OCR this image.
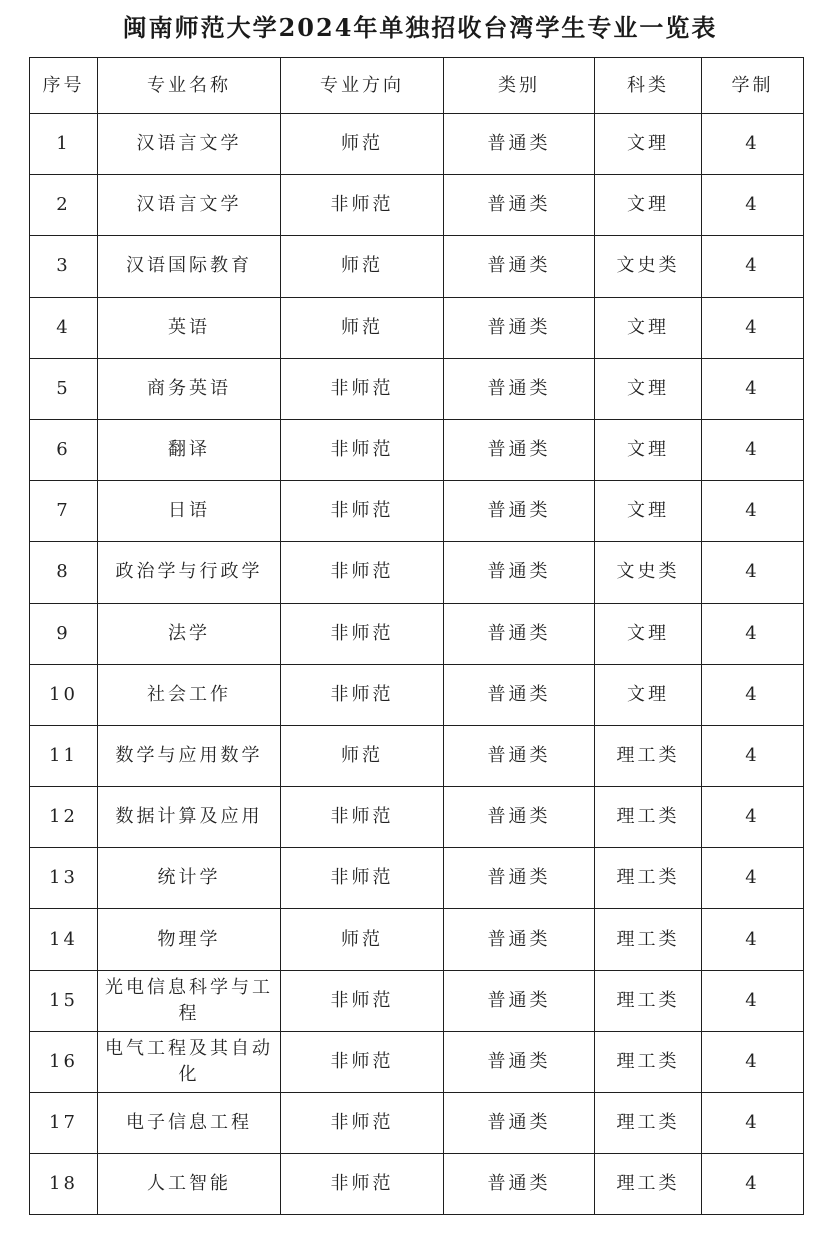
闽南师范大学2024年单独招收台湾学生专业一览表
序号	专业名称	专业方向	类别	科类	学制
1	汉语言文学	师范	普通类	文理	4
2	汉语言文学	非师范	普通类	文理	4
3	汉语国际教育	师范	普通类	文史类	4
4	英语	师范	普通类	文理	4
5	商务英语	非师范	普通类	文理	4
6	翻译	非师范	普通类	文理	4
7	日语	非师范	普通类	文理	4
8	政治学与行政学	非师范	普通类	文史类	4
9	法学	非师范	普通类	文理	4
10	社会工作	非师范	普通类	文理	4
11	数学与应用数学	师范	普通类	理工类	4
12	数据计算及应用	非师范	普通类	理工类	4
13	统计学	非师范	普通类	理工类	4
14	物理学	师范	普通类	理工类	4
15	光电信息科学与工程	非师范	普通类	理工类	4
16	电气工程及其自动化	非师范	普通类	理工类	4
17	电子信息工程	非师范	普通类	理工类	4
18	人工智能	非师范	普通类	理工类	4
